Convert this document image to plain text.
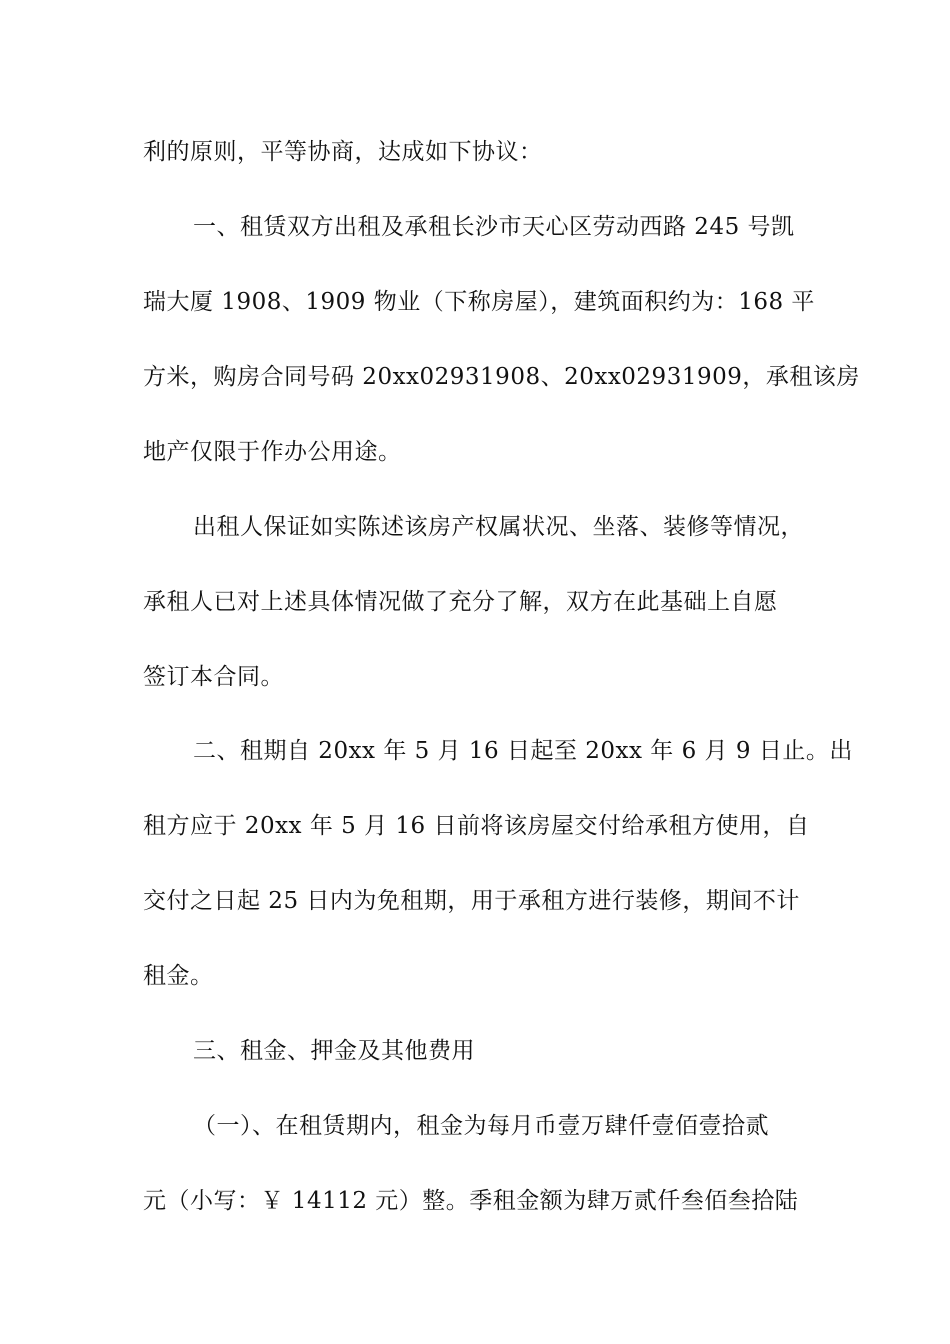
利的原则，平等协商，达成如下协议：
一、租赁双方出租及承租长沙市天心区劳动西路 245 号凯
瑞大厦 1908、1909 物业（下称房屋），建筑面积约为：168 平
方米，购房合同号码 20xx02931908、20xx02931909，承租该房
地产仅限于作办公用途。
出租人保证如实陈述该房产权属状况、坐落、装修等情况，
承租人已对上述具体情况做了充分了解，双方在此基础上自愿
签订本合同。
二、租期自 20xx 年 5 月 16 日起至 20xx 年 6 月 9 日止。出
租方应于 20xx 年 5 月 16 日前将该房屋交付给承租方使用，自
交付之日起 25 日内为免租期，用于承租方进行装修，期间不计
租金。
三、租金、押金及其他费用
（一）、在租赁期内，租金为每月币壹万肆仟壹佰壹拾贰
元（小写：￥ 14112 元）整。季租金额为肆万贰仟叁佰叁拾陆
